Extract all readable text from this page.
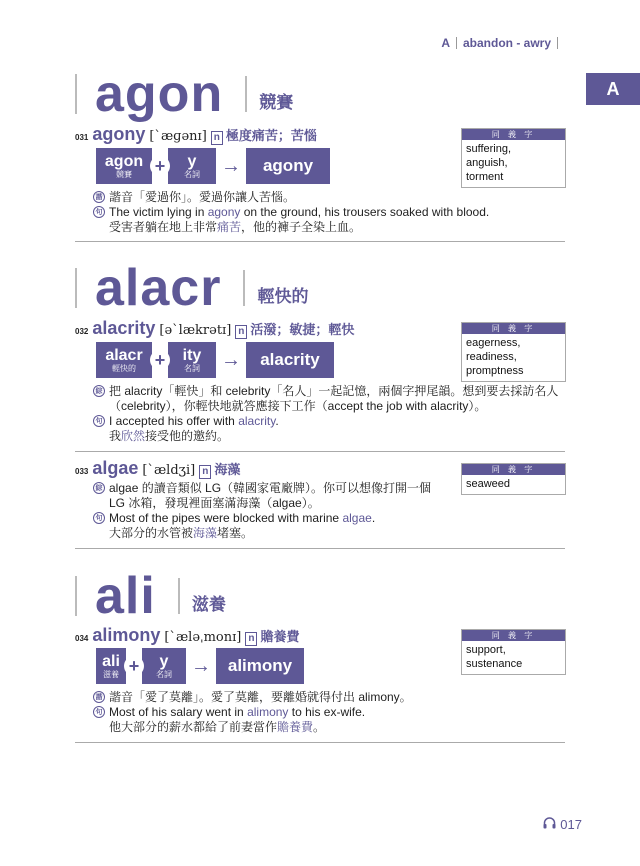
A abandon - awry
A
agon 競賽
031 agony [ˋæɡənɪ] n 極度痛苦；苦惱	同 義 字
suffering,
anguish,
torment
agon
競賽	+	y
名詞	→	agony
諧 諧音「愛過你」。愛過你讓人苦惱。
句 The victim lying in agony on the ground, his trousers soaked with blood.
受害者躺在地上非常痛苦，他的褲子全染上血。
alacr 輕快的
032 alacrity [əˋlækrətɪ] n 活潑；敏捷；輕快	同 義 字
eagerness,
readiness,
promptness
alacr
輕快的	+	ity
名詞	→	alacrity
綜 把 alacrity「輕快」和 celebrity「名人」一起記憶，兩個字押尾韻。想到要去採訪名人
（celebrity），你輕快地就答應接下工作（accept the job with alacrity）。
句 I accepted his offer with alacrity.
我欣然接受他的邀約。
033 algae [ˋældʒi] n 海藻	同 義 字
seaweed
綜 algae 的讀音類似 LG（韓國家電廠牌）。你可以想像打開一個
LG 冰箱，發現裡面塞滿海藻（algae）。
句 Most of the pipes were blocked with marine algae.
大部分的水管被海藻堵塞。
ali 滋養
034 alimony [ˋæləˌmonɪ] n 贍養費	同 義 字
support,
sustenance
ali
滋養 +	y
名詞 → alimony
諧 諧音「愛了莫離」。愛了莫離，要離婚就得付出 alimony。
句 Most of his salary went in alimony to his ex-wife.
他大部分的薪水都給了前妻當作贍養費。
017
